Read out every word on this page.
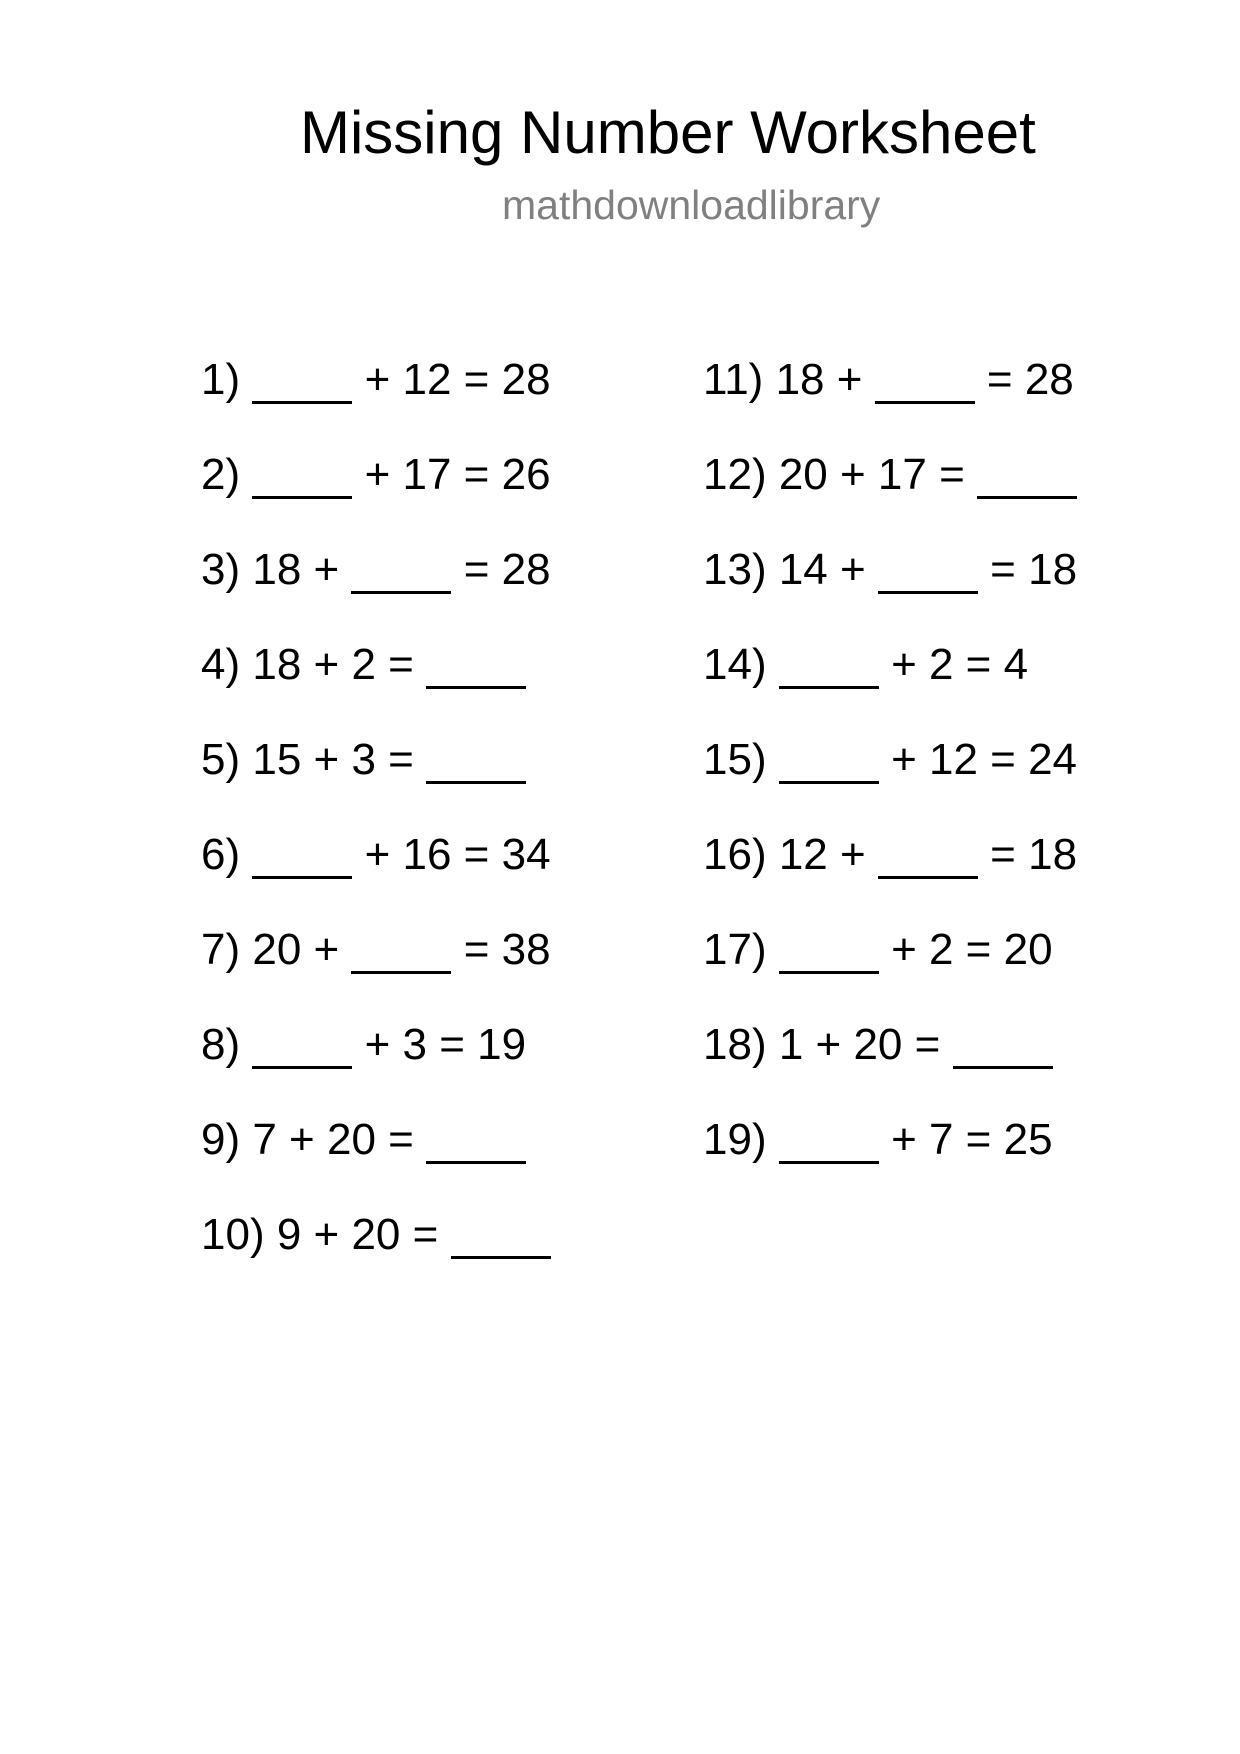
Missing Number Worksheet
mathdownloadlibrary
1)	+ 12 = 28
2)	+ 17 = 26
3) 18 +	= 28
4) 18 + 2 =
5) 15 + 3 =
6)	+ 16 = 34
7) 20 +	= 38
8)	+ 3 = 19
9) 7 + 20 =
10) 9 + 20 =
11) 18 +	= 28
12) 20 + 17 =
13) 14 +	= 18
14)	+ 2 = 4
15)	+ 12 = 24
16) 12 +	= 18
17)	+ 2 = 20
18) 1 + 20 =
19)	+ 7 = 25
